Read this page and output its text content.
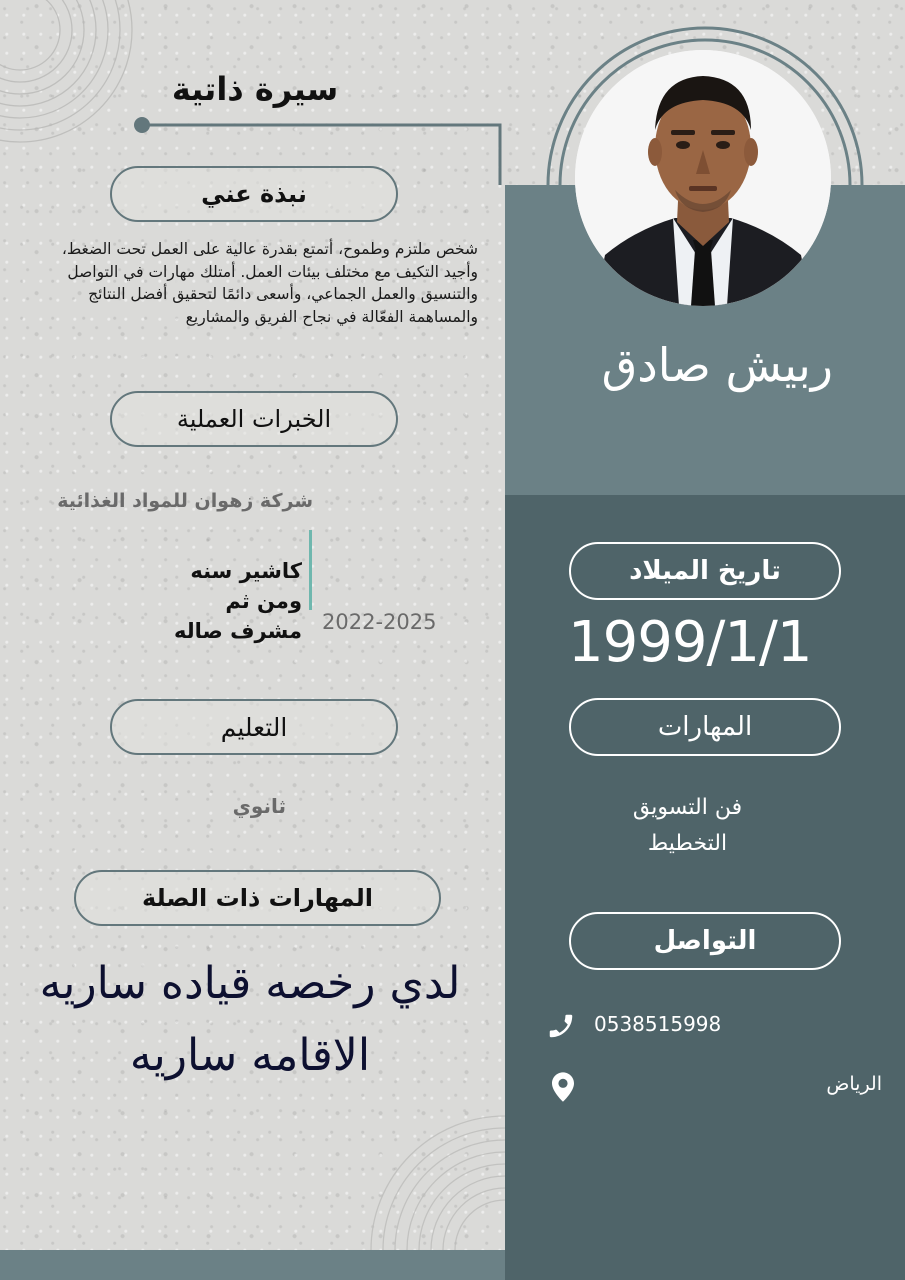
ربيش صادق
سيرة ذاتية
نبذة عني
شخص ملتزم وطموح، أتمتع بقدرة عالية على العمل تحت الضغط، وأجيد التكيف مع مختلف بيئات العمل. أمتلك مهارات في التواصل والتنسيق والعمل الجماعي، وأسعى دائمًا لتحقيق أفضل النتائج والمساهمة الفعّالة في نجاح الفريق والمشاريع
الخبرات العملية
شركة زهوان للمواد الغذائية
كاشير سنه ومن ثم مشرف صاله 2022-2025
التعليم
ثانوي
المهارات ذات الصلة
لدي رخصه قياده ساريه
الاقامه ساريه
تاريخ الميلاد
1999/1/1
المهارات
فن التسويق
التخطيط
التواصل
0538515998
الرياض
